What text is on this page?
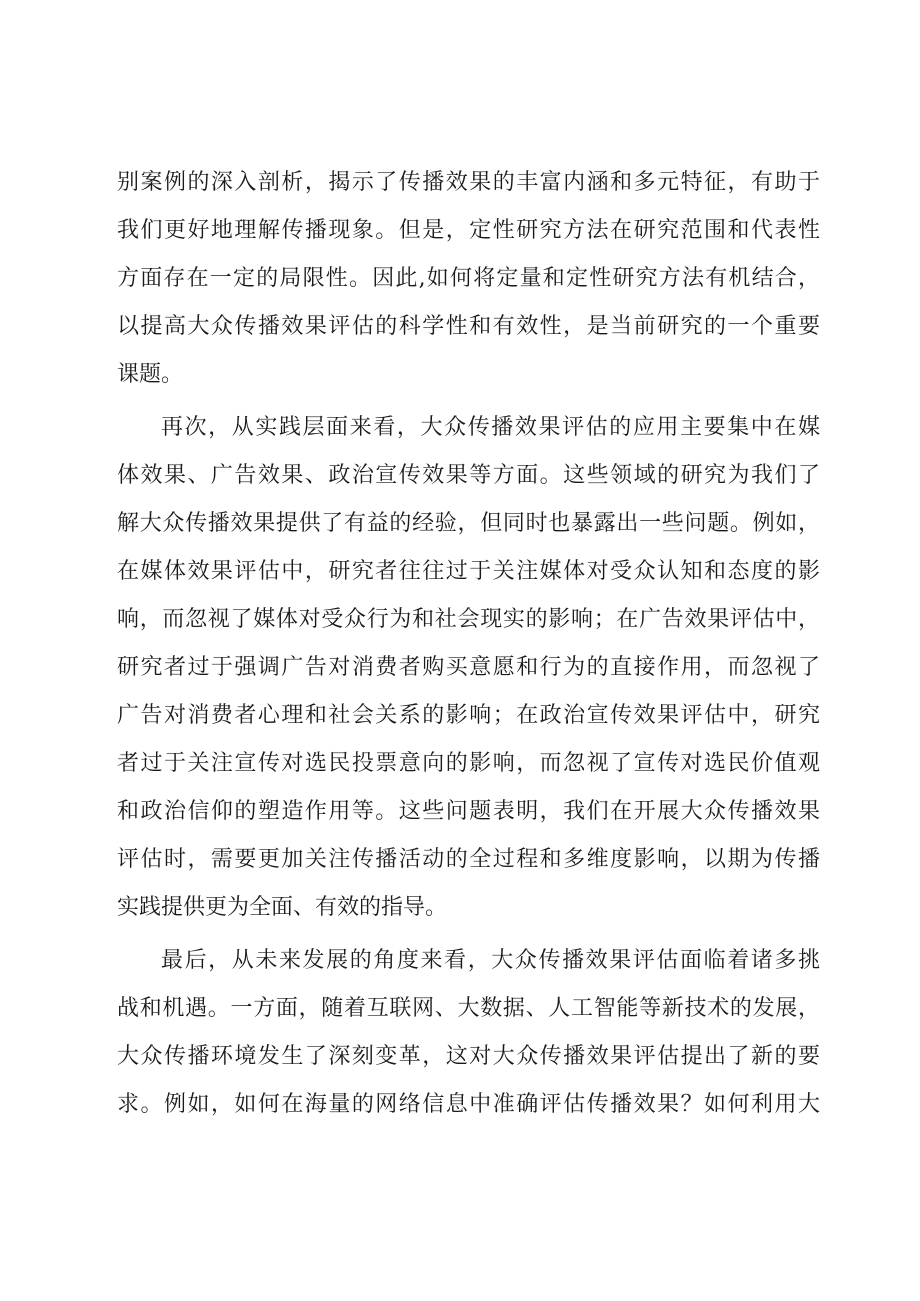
别案例的深入剖析，揭示了传播效果的丰富内涵和多元特征，有助于
我们更好地理解传播现象。但是，定性研究方法在研究范围和代表性
方面存在一定的局限性。因此,如何将定量和定性研究方法有机结合，
以提高大众传播效果评估的科学性和有效性，是当前研究的一个重要
课题。
再次，从实践层面来看，大众传播效果评估的应用主要集中在媒
体效果、广告效果、政治宣传效果等方面。这些领域的研究为我们了
解大众传播效果提供了有益的经验，但同时也暴露出一些问题。例如，
在媒体效果评估中，研究者往往过于关注媒体对受众认知和态度的影
响，而忽视了媒体对受众行为和社会现实的影响；在广告效果评估中，
研究者过于强调广告对消费者购买意愿和行为的直接作用，而忽视了
广告对消费者心理和社会关系的影响；在政治宣传效果评估中，研究
者过于关注宣传对选民投票意向的影响，而忽视了宣传对选民价值观
和政治信仰的塑造作用等。这些问题表明，我们在开展大众传播效果
评估时，需要更加关注传播活动的全过程和多维度影响，以期为传播
实践提供更为全面、有效的指导。
最后，从未来发展的角度来看，大众传播效果评估面临着诸多挑
战和机遇。一方面，随着互联网、大数据、人工智能等新技术的发展，
大众传播环境发生了深刻变革，这对大众传播效果评估提出了新的要
求。例如，如何在海量的网络信息中准确评估传播效果？如何利用大
